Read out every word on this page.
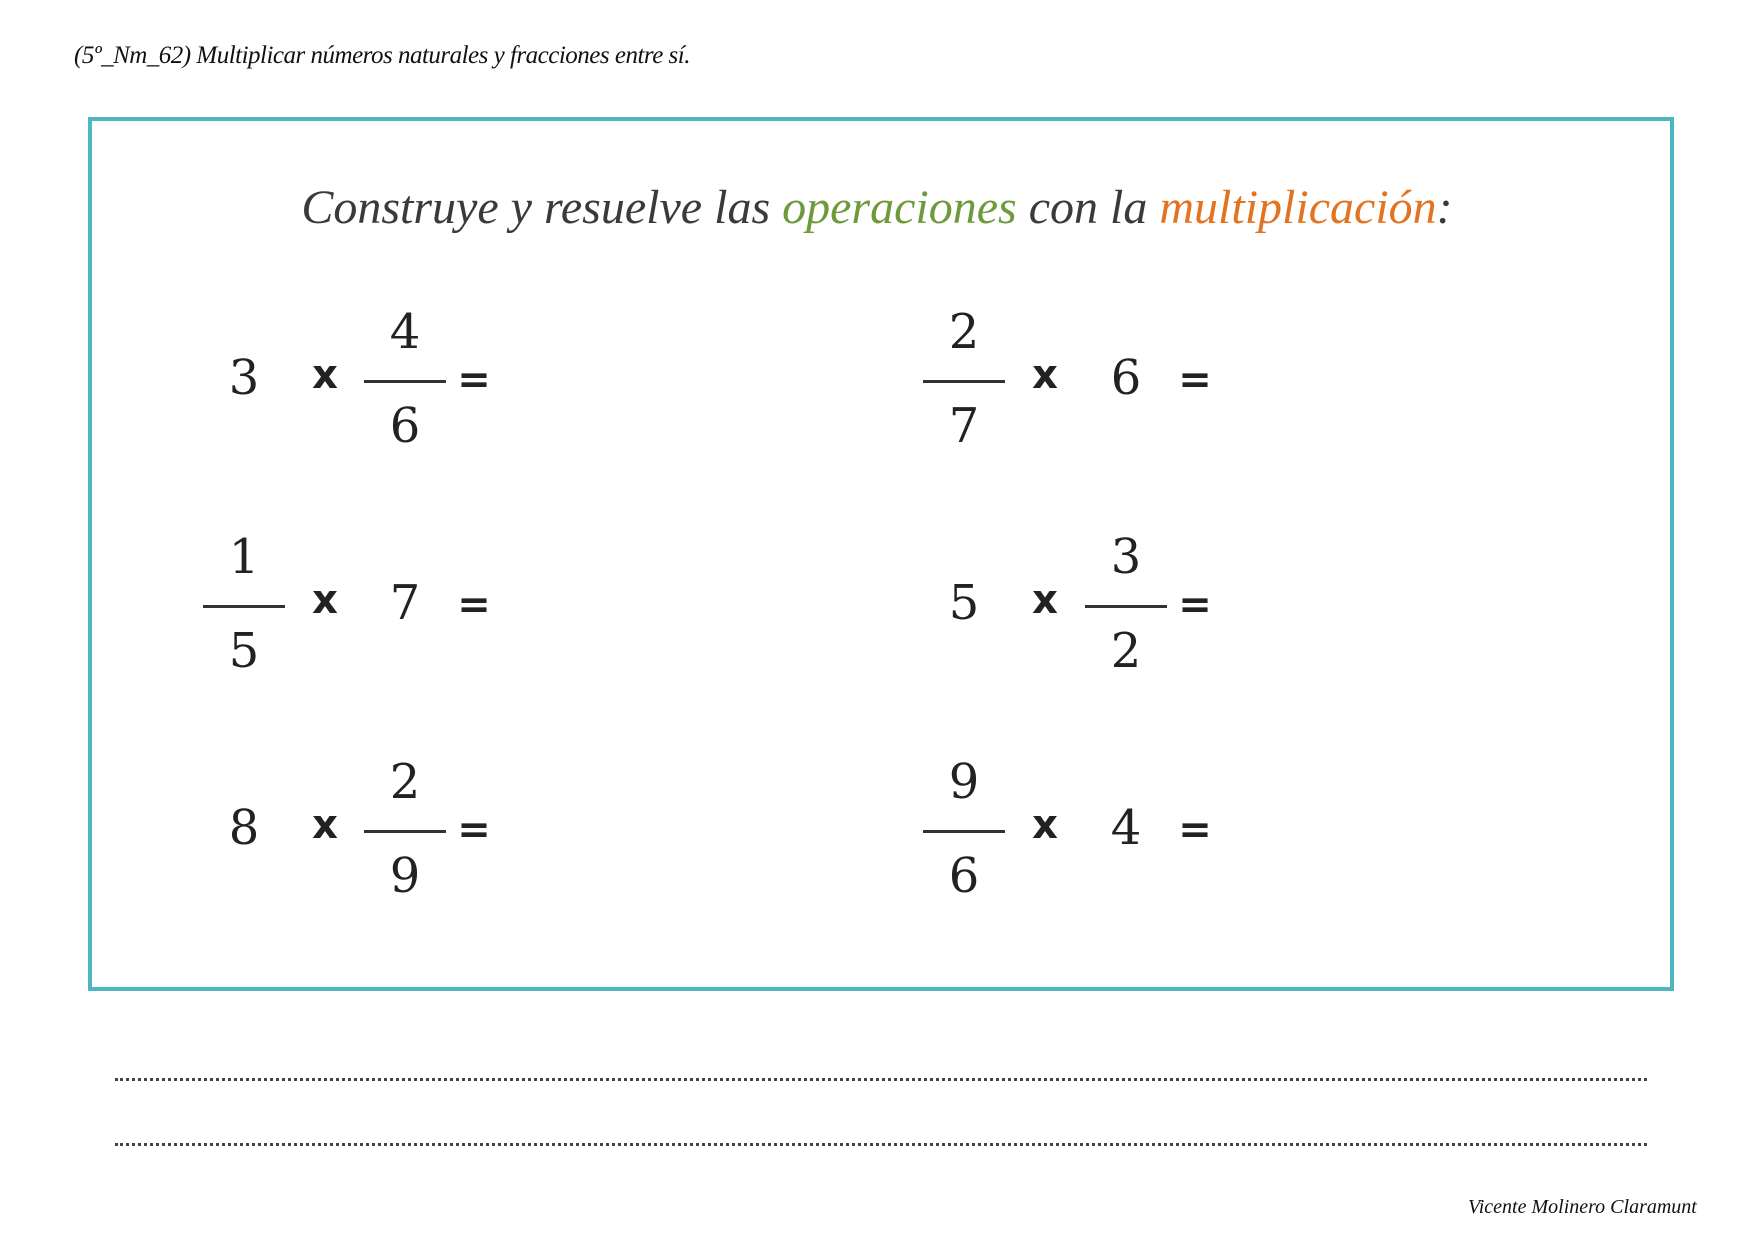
(5º_Nm_62) Multiplicar números naturales y fracciones entre sí.
Construye y resuelve las operaciones con la multiplicación:
3 x
4
6
=
2
7
x 6 =
1
5
x 7 =	5 x
3
2
=
8 x
2
9
=
9
6
x 4 =
Vicente Molinero Claramunt
